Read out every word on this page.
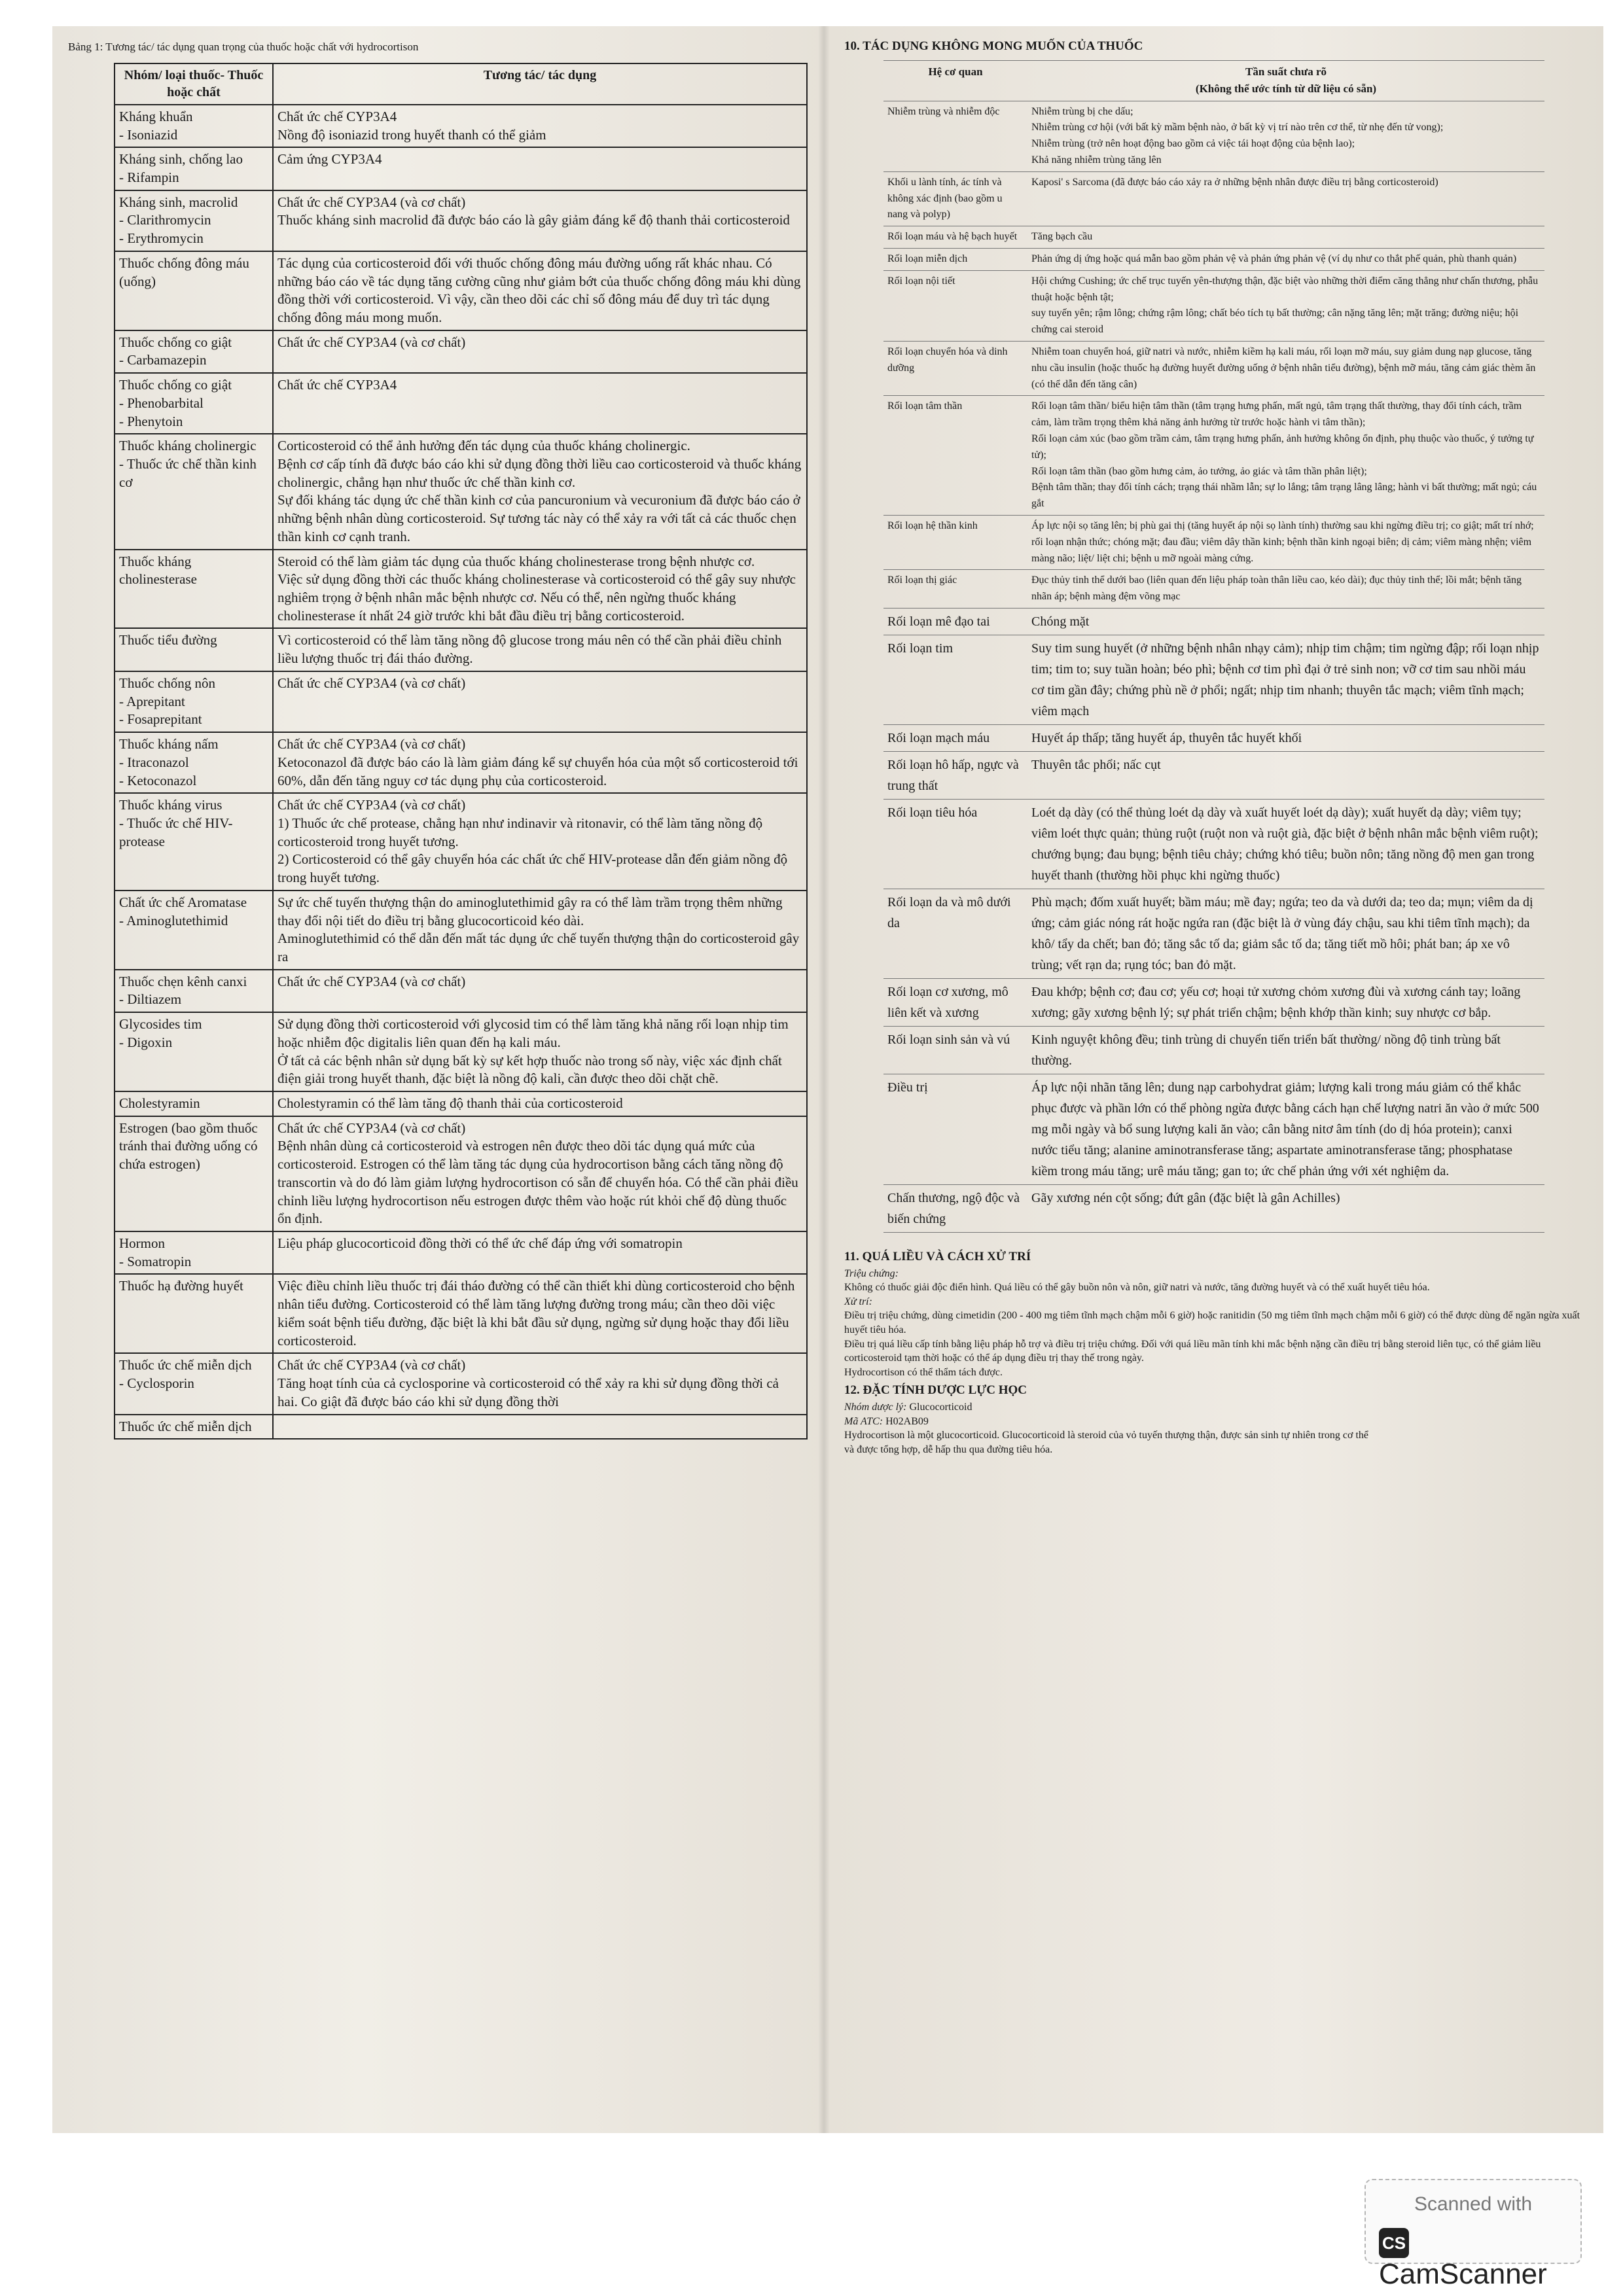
Bảng 1: Tương tác/ tác dụng quan trọng của thuốc hoặc chất với hydrocortison
Nhóm/ loại thuốc- Thuốc hoặc chất	Tương tác/ tác dụng

Kháng khuẩn
- Isoniazid	Chất ức chế CYP3A4
Nồng độ isoniazid trong huyết thanh có thể giảm

Kháng sinh, chống lao
- Rifampin	Cảm ứng CYP3A4

Kháng sinh, macrolid
- Clarithromycin
- Erythromycin	Chất ức chế CYP3A4 (và cơ chất)
Thuốc kháng sinh macrolid đã được báo cáo là gây giảm đáng kể độ thanh thải corticosteroid

Thuốc chống đông máu (uống)	Tác dụng của corticosteroid đối với thuốc chống đông máu đường uống rất khác nhau. Có những báo cáo về tác dụng tăng cường cũng như giảm bớt của thuốc chống đông máu khi dùng đồng thời với corticosteroid. Vì vậy, cần theo dõi các chỉ số đông máu để duy trì tác dụng chống đông máu mong muốn.

Thuốc chống co giật
- Carbamazepin	Chất ức chế CYP3A4 (và cơ chất)

Thuốc chống co giật
- Phenobarbital
- Phenytoin	Chất ức chế CYP3A4

Thuốc kháng cholinergic
- Thuốc ức chế thần kinh cơ	Corticosteroid có thể ảnh hưởng đến tác dụng của thuốc kháng cholinergic.
Bệnh cơ cấp tính đã được báo cáo khi sử dụng đồng thời liều cao corticosteroid và thuốc kháng cholinergic, chẳng hạn như thuốc ức chế thần kinh cơ.
Sự đối kháng tác dụng ức chế thần kinh cơ của pancuronium và vecuronium đã được báo cáo ở những bệnh nhân dùng corticosteroid. Sự tương tác này có thể xảy ra với tất cả các thuốc chẹn thần kinh cơ cạnh tranh.

Thuốc kháng cholinesterase	Steroid có thể làm giảm tác dụng của thuốc kháng cholinesterase trong bệnh nhược cơ.
Việc sử dụng đồng thời các thuốc kháng cholinesterase và corticosteroid có thể gây suy nhược nghiêm trọng ở bệnh nhân mắc bệnh nhược cơ. Nếu có thể, nên ngừng thuốc kháng cholinesterase ít nhất 24 giờ trước khi bắt đầu điều trị bằng corticosteroid.

Thuốc tiểu đường	Vì corticosteroid có thể làm tăng nồng độ glucose trong máu nên có thể cần phải điều chỉnh liều lượng thuốc trị đái tháo đường.

Thuốc chống nôn
- Aprepitant
- Fosaprepitant	Chất ức chế CYP3A4 (và cơ chất)

Thuốc kháng nấm
- Itraconazol
- Ketoconazol	Chất ức chế CYP3A4 (và cơ chất)
Ketoconazol đã được báo cáo là làm giảm đáng kể sự chuyển hóa của một số corticosteroid tới 60%, dẫn đến tăng nguy cơ tác dụng phụ của corticosteroid.

Thuốc kháng virus
- Thuốc ức chế HIV-protease	Chất ức chế CYP3A4 (và cơ chất)
1) Thuốc ức chế protease, chẳng hạn như indinavir và ritonavir, có thể làm tăng nồng độ corticosteroid trong huyết tương.
2) Corticosteroid có thể gây chuyển hóa các chất ức chế HIV-protease dẫn đến giảm nồng độ trong huyết tương.

Chất ức chế Aromatase
- Aminoglutethimid	Sự ức chế tuyến thượng thận do aminoglutethimid gây ra có thể làm trầm trọng thêm những thay đổi nội tiết do điều trị bằng glucocorticoid kéo dài.
Aminoglutethimid có thể dẫn đến mất tác dụng ức chế tuyến thượng thận do corticosteroid gây ra

Thuốc chẹn kênh canxi
- Diltiazem	Chất ức chế CYP3A4 (và cơ chất)

Glycosides tim
- Digoxin	Sử dụng đồng thời corticosteroid với glycosid tim có thể làm tăng khả năng rối loạn nhịp tim hoặc nhiễm độc digitalis liên quan đến hạ kali máu.
Ở tất cả các bệnh nhân sử dụng bất kỳ sự kết hợp thuốc nào trong số này, việc xác định chất điện giải trong huyết thanh, đặc biệt là nồng độ kali, cần được theo dõi chặt chẽ.

Cholestyramin	Cholestyramin có thể làm tăng độ thanh thải của corticosteroid

Estrogen (bao gồm thuốc tránh thai đường uống có chứa estrogen)	Chất ức chế CYP3A4 (và cơ chất)
Bệnh nhân dùng cả corticosteroid và estrogen nên được theo dõi tác dụng quá mức của corticosteroid. Estrogen có thể làm tăng tác dụng của hydrocortison bằng cách tăng nồng độ transcortin và do đó làm giảm lượng hydrocortison có sẵn để chuyển hóa. Có thể cần phải điều chỉnh liều lượng hydrocortison nếu estrogen được thêm vào hoặc rút khỏi chế độ dùng thuốc ổn định.

Hormon
- Somatropin	Liệu pháp glucocorticoid đồng thời có thể ức chế đáp ứng với somatropin

Thuốc hạ đường huyết	Việc điều chỉnh liều thuốc trị đái tháo đường có thể cần thiết khi dùng corticosteroid cho bệnh nhân tiểu đường. Corticosteroid có thể làm tăng lượng đường trong máu; cần theo dõi việc kiểm soát bệnh tiểu đường, đặc biệt là khi bắt đầu sử dụng, ngừng sử dụng hoặc thay đổi liều corticosteroid.

Thuốc ức chế miễn dịch
- Cyclosporin	Chất ức chế CYP3A4 (và cơ chất)
Tăng hoạt tính của cả cyclosporine và corticosteroid có thể xảy ra khi sử dụng đồng thời cả hai. Co giật đã được báo cáo khi sử dụng đồng thời

Thuốc ức chế miễn dịch	

10. TÁC DỤNG KHÔNG MONG MUỐN CỦA THUỐC
Hệ cơ quan	Tần suất chưa rõ
(Không thể ước tính từ dữ liệu có sẵn)

Nhiễm trùng và nhiễm độc	Nhiễm trùng bị che dấu;
Nhiễm trùng cơ hội (với bất kỳ mầm bệnh nào, ở bất kỳ vị trí nào trên cơ thể, từ nhẹ đến tử vong);
Nhiễm trùng (trở nên hoạt động bao gồm cả việc tái hoạt động của bệnh lao);
Khả năng nhiễm trùng tăng lên

Khối u lành tính, ác tính và không xác định (bao gồm u nang và polyp)	Kaposi' s Sarcoma (đã được báo cáo xảy ra ở những bệnh nhân được điều trị bằng corticosteroid)

Rối loạn máu và hệ bạch huyết	Tăng bạch cầu

Rối loạn miễn dịch	Phản ứng dị ứng hoặc quá mẫn bao gồm phản vệ và phản ứng phản vệ (ví dụ như co thắt phế quản, phù thanh quản)

Rối loạn nội tiết	Hội chứng Cushing; ức chế trục tuyến yên-thượng thận, đặc biệt vào những thời điểm căng thẳng như chấn thương, phẫu thuật hoặc bệnh tật;
suy tuyến yên; rậm lông; chứng rậm lông; chất béo tích tụ bất thường; cân nặng tăng lên; mặt trăng; đường niệu; hội chứng cai steroid

Rối loạn chuyển hóa và dinh dưỡng	Nhiễm toan chuyển hoá, giữ natri và nước, nhiễm kiềm hạ kali máu, rối loạn mỡ máu, suy giảm dung nạp glucose, tăng nhu cầu insulin (hoặc thuốc hạ đường huyết đường uống ở bệnh nhân tiểu đường), bệnh mỡ máu, tăng cảm giác thèm ăn (có thể dẫn đến tăng cân)

Rối loạn tâm thần	Rối loạn tâm thần/ biểu hiện tâm thần (tâm trạng hưng phấn, mất ngủ, tâm trạng thất thường, thay đổi tính cách, trầm cảm, làm trầm trọng thêm khả năng ảnh hưởng từ trước hoặc hành vi tâm thần);
Rối loạn cảm xúc (bao gồm trầm cảm, tâm trạng hưng phấn, ảnh hưởng không ổn định, phụ thuộc vào thuốc, ý tưởng tự tử);
Rối loạn tâm thần (bao gồm hưng cảm, ảo tưởng, ảo giác và tâm thần phân liệt);
Bệnh tâm thần; thay đổi tính cách; trạng thái nhầm lẫn; sự lo lắng; tâm trạng lâng lâng; hành vi bất thường; mất ngủ; cáu gắt

Rối loạn hệ thần kinh	Áp lực nội sọ tăng lên; bị phù gai thị (tăng huyết áp nội sọ lành tính) thường sau khi ngừng điều trị; co giật; mất trí nhớ; rối loạn nhận thức; chóng mặt; đau đầu; viêm dây thần kinh; bệnh thần kinh ngoại biên; dị cảm; viêm màng nhện; viêm màng não; liệt/ liệt chi; bệnh u mỡ ngoài màng cứng.

Rối loạn thị giác	Đục thủy tinh thể dưới bao (liên quan đến liệu pháp toàn thân liều cao, kéo dài); đục thủy tinh thể; lồi mắt; bệnh tăng nhãn áp; bệnh màng đệm võng mạc

Rối loạn mê đạo tai	Chóng mặt

Rối loạn tim	Suy tim sung huyết (ở những bệnh nhân nhạy cảm); nhịp tim chậm; tim ngừng đập; rối loạn nhịp tim; tim to; suy tuần hoàn; béo phì; bệnh cơ tim phì đại ở trẻ sinh non; vỡ cơ tim sau nhồi máu cơ tim gần đây; chứng phù nề ở phổi; ngất; nhịp tim nhanh; thuyên tắc mạch; viêm tĩnh mạch; viêm mạch

Rối loạn mạch máu	Huyết áp thấp; tăng huyết áp, thuyên tắc huyết khối

Rối loạn hô hấp, ngực và trung thất	Thuyên tắc phổi; nấc cụt

Rối loạn tiêu hóa	Loét dạ dày (có thể thủng loét dạ dày và xuất huyết loét dạ dày); xuất huyết dạ dày; viêm tụy; viêm loét thực quản; thủng ruột (ruột non và ruột già, đặc biệt ở bệnh nhân mắc bệnh viêm ruột); chướng bụng; đau bụng; bệnh tiêu chảy; chứng khó tiêu; buồn nôn; tăng nồng độ men gan trong huyết thanh (thường hồi phục khi ngừng thuốc)

Rối loạn da và mô dưới da	Phù mạch; đốm xuất huyết; bầm máu; mề đay; ngứa; teo da và dưới da; teo da; mụn; viêm da dị ứng; cảm giác nóng rát hoặc ngứa ran (đặc biệt là ở vùng đáy chậu, sau khi tiêm tĩnh mạch); da khô/ tẩy da chết; ban đỏ; tăng sắc tố da; giảm sắc tố da; tăng tiết mồ hôi; phát ban; áp xe vô trùng; vết rạn da; rụng tóc; ban đỏ mặt.

Rối loạn cơ xương, mô liên kết và xương	Đau khớp; bệnh cơ; đau cơ; yếu cơ; hoại tử xương chỏm xương đùi và xương cánh tay; loãng xương; gãy xương bệnh lý; sự phát triển chậm; bệnh khớp thần kinh; suy nhược cơ bắp.

Rối loạn sinh sản và vú	Kinh nguyệt không đều; tinh trùng di chuyển tiến triển bất thường/ nồng độ tinh trùng bất thường.

Điều trị	Áp lực nội nhãn tăng lên; dung nạp carbohydrat giảm; lượng kali trong máu giảm có thể khắc phục được và phần lớn có thể phòng ngừa được bằng cách hạn chế lượng natri ăn vào ở mức 500 mg mỗi ngày và bổ sung lượng kali ăn vào; cân bằng nitơ âm tính (do dị hóa protein); canxi nước tiểu tăng; alanine aminotransferase tăng; aspartate aminotransferase tăng; phosphatase kiềm trong máu tăng; urê máu tăng; gan to; ức chế phản ứng với xét nghiệm da.

Chấn thương, ngộ độc và biến chứng	Gãy xương nén cột sống; đứt gân (đặc biệt là gân Achilles)
11. QUÁ LIỀU VÀ CÁCH XỬ TRÍ
Triệu chứng:
Không có thuốc giải độc điển hình. Quá liều có thể gây buồn nôn và nôn, giữ natri và nước, tăng đường huyết và có thể xuất huyết tiêu hóa.
Xử trí:
Điều trị triệu chứng, dùng cimetidin (200 - 400 mg tiêm tĩnh mạch chậm mỗi 6 giờ) hoặc ranitidin (50 mg tiêm tĩnh mạch chậm mỗi 6 giờ) có thể được dùng để ngăn ngừa xuất huyết tiêu hóa.
Điều trị quá liều cấp tính bằng liệu pháp hỗ trợ và điều trị triệu chứng. Đối với quá liều mãn tính khi mắc bệnh nặng cần điều trị bằng steroid liên tục, có thể giảm liều corticosteroid tạm thời hoặc có thể áp dụng điều trị thay thế trong ngày.
Hydrocortison có thể thẩm tách được.
12. ĐẶC TÍNH DƯỢC LỰC HỌC
Nhóm dược lý: Glucocorticoid
Mã ATC: H02AB09
Hydrocortison là một glucocorticoid. Glucocorticoid là steroid của vỏ tuyến thượng thận, được sản sinh tự nhiên trong cơ thể
và được tổng hợp, dễ hấp thu qua đường tiêu hóa.
Scanned with
CSCamScanner
